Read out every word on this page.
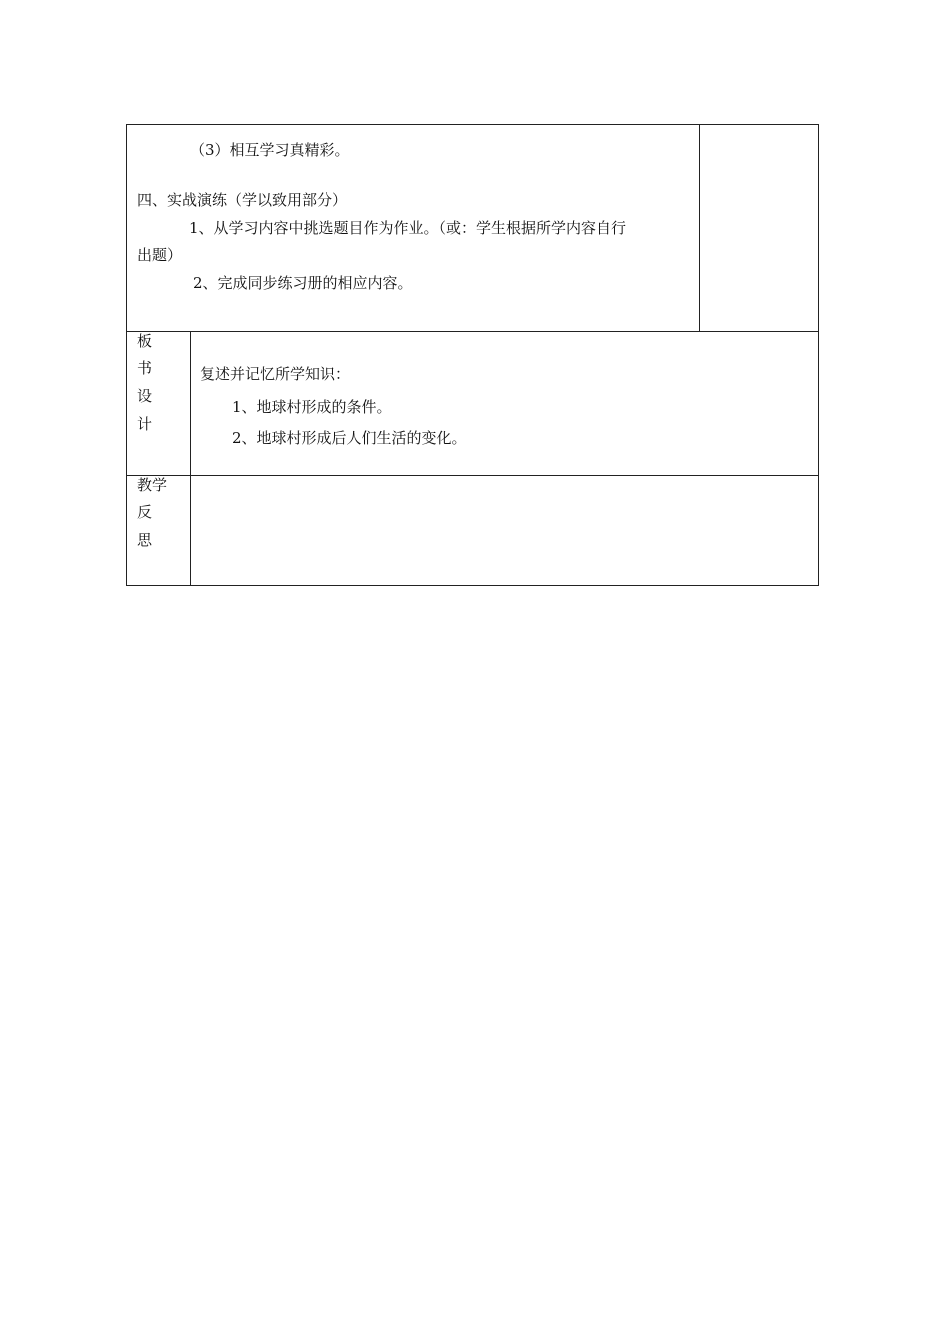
（3）相互学习真精彩。
四、实战演练（学以致用部分）
1、从学习内容中挑选题目作为作业。（或：学生根据所学内容自行
出题）
2、完成同步练习册的相应内容。
板
书
设
计
复述并记忆所学知识：
1、地球村形成的条件。
2、地球村形成后人们生活的变化。
教学
反
思
